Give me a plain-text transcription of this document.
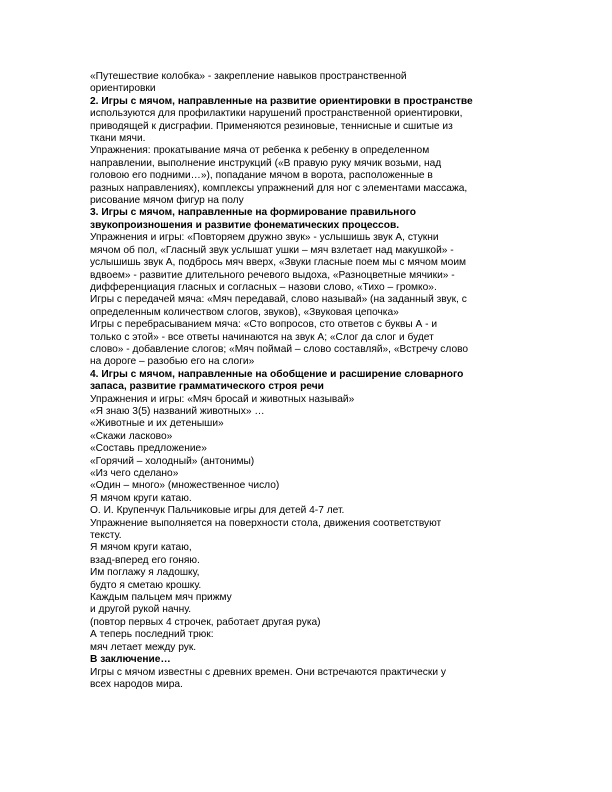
«Путешествие колобка» - закрепление навыков пространственной
ориентировки
2. Игры с мячом, направленные на развитие ориентировки в пространстве
используются для профилактики нарушений пространственной ориентировки,
приводящей к дисграфии. Применяются резиновые, теннисные и сшитые из
ткани мячи.
Упражнения: прокатывание мяча от ребенка к ребенку в определенном
направлении, выполнение инструкций («В правую руку мячик возьми, над
головою его подними…»), попадание мячом в ворота, расположенные в
разных направлениях), комплексы упражнений для ног с элементами массажа,
рисование мячом фигур на полу
3. Игры с мячом, направленные на формирование правильного
звукопроизношения и развитие фонематических процессов.
Упражнения и игры: «Повторяем дружно звук» - услышишь звук А, стукни
мячом об пол, «Гласный звук услышат ушки – мяч взлетает над макушкой» -
услышишь звук А, подбрось мяч вверх, «Звуки гласные поем мы с мячом моим
вдвоем» - развитие длительного речевого выдоха, «Разноцветные мячики» -
дифференциация гласных и согласных – назови слово, «Тихо – громко».
Игры с передачей мяча: «Мяч передавай, слово называй» (на заданный звук, с
определенным количеством слогов, звуков), «Звуковая цепочка»
Игры с перебрасыванием мяча: «Сто вопросов, сто ответов с буквы А - и
только с этой» - все ответы начинаются на звук А; «Слог да слог и будет
слово» - добавление слогов; «Мяч поймай – слово составляй», «Встречу слово
на дороге – разобью его на слоги»
4. Игры с мячом, направленные на обобщение и расширение словарного
запаса, развитие грамматического строя речи
Упражнения и игры: «Мяч бросай и животных называй»
«Я знаю 3(5) названий животных» …
«Животные и их детеныши»
«Скажи ласково»
«Составь предложение»
«Горячий – холодный» (антонимы)
«Из чего сделано»
«Один – много» (множественное число)
Я мячом круги катаю.
О. И. Крупенчук Пальчиковые игры для детей 4-7 лет.
Упражнение выполняется на поверхности стола, движения соответствуют
тексту.
Я мячом круги катаю,
взад-вперед его гоняю.
Им поглажу я ладошку,
будто я сметаю крошку.
Каждым пальцем мяч прижму
и другой рукой начну.
(повтор первых 4 строчек, работает другая рука)
А теперь последний трюк:
мяч летает между рук.
В заключение…
Игры с мячом известны с древних времен. Они встречаются практически у
всех народов мира.
